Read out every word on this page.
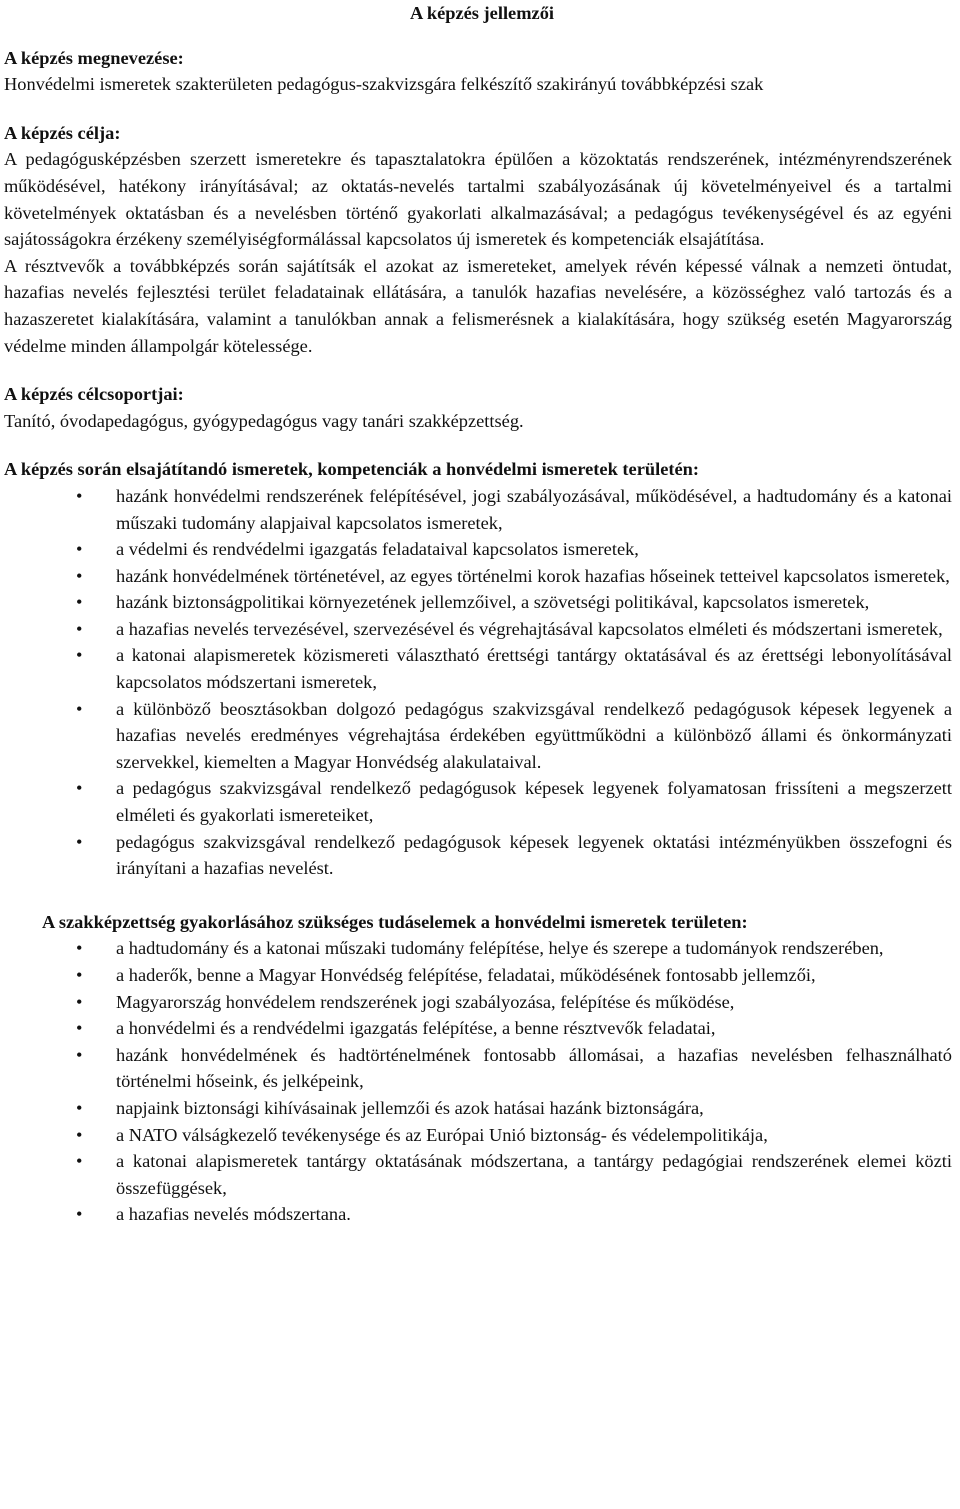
A képzés jellemzői
A képzés megnevezése:

Honvédelmi ismeretek szakterületen pedagógus-szakvizsgára felkészítő szakirányú továbbképzési szak

A képzés célja:

A pedagógusképzésben szerzett ismeretekre és tapasztalatokra épülően a közoktatás rendszerének, intézményrendszerének működésével, hatékony irányításával; az oktatás-nevelés tartalmi szabályozásának új követelményeivel és a tartalmi követelmények oktatásban és a nevelésben történő gyakorlati alkalmazásával; a pedagógus tevékenységével és az egyéni sajátosságokra érzékeny személyiségformálással kapcsolatos új ismeretek és kompetenciák elsajátítása.

A résztvevők a továbbképzés során sajátítsák el azokat az ismereteket, amelyek révén képessé válnak a nemzeti öntudat, hazafias nevelés fejlesztési terület feladatainak ellátására, a tanulók hazafias nevelésére, a közösséghez való tartozás és a hazaszeretet kialakítására, valamint a tanulókban annak a felismerésnek a kialakítására, hogy szükség esetén Magyarország védelme minden állampolgár kötelessége.

A képzés célcsoportjai:

Tanító, óvodapedagógus, gyógypedagógus vagy tanári szakképzettség.

A képzés során elsajátítandó ismeretek, kompetenciák a honvédelmi ismeretek területén:
• hazánk honvédelmi rendszerének felépítésével, jogi szabályozásával, működésével, a hadtudomány és a katonai műszaki tudomány alapjaival kapcsolatos ismeretek,
• a védelmi és rendvédelmi igazgatás feladataival kapcsolatos ismeretek,
• hazánk honvédelmének történetével, az egyes történelmi korok hazafias hőseinek tetteivel kapcsolatos ismeretek,
• hazánk biztonságpolitikai környezetének jellemzőivel, a szövetségi politikával, kapcsolatos ismeretek,
• a hazafias nevelés tervezésével, szervezésével és végrehajtásával kapcsolatos elméleti és módszertani ismeretek,
• a katonai alapismeretek közismereti választható érettségi tantárgy oktatásával és az érettségi lebonyolításával kapcsolatos módszertani ismeretek,
• a különböző beosztásokban dolgozó pedagógus szakvizsgával rendelkező pedagógusok képesek legyenek a hazafias nevelés eredményes végrehajtása érdekében együttműködni a különböző állami és önkormányzati szervekkel, kiemelten a Magyar Honvédség alakulataival.
• a pedagógus szakvizsgával rendelkező pedagógusok képesek legyenek folyamatosan frissíteni a megszerzett elméleti és gyakorlati ismereteiket,
• pedagógus szakvizsgával rendelkező pedagógusok képesek legyenek oktatási intézményükben összefogni és irányítani a hazafias nevelést.
A szakképzettség gyakorlásához szükséges tudáselemek a honvédelmi ismeretek területen:
• a hadtudomány és a katonai műszaki tudomány felépítése, helye és szerepe a tudományok rendszerében,
• a haderők, benne a Magyar Honvédség felépítése, feladatai, működésének fontosabb jellemzői,
• Magyarország honvédelem rendszerének jogi szabályozása, felépítése és működése,
• a honvédelmi és a rendvédelmi igazgatás felépítése, a benne résztvevők feladatai,
• hazánk honvédelmének és hadtörténelmének fontosabb állomásai, a hazafias nevelésben felhasználható történelmi hőseink, és jelképeink,
• napjaink biztonsági kihívásainak jellemzői és azok hatásai hazánk biztonságára,
• a NATO válságkezelő tevékenysége és az Európai Unió biztonság- és védelempolitikája,
• a katonai alapismeretek tantárgy oktatásának módszertana, a tantárgy pedagógiai rendszerének elemei közti összefüggések,
• a hazafias nevelés módszertana.
